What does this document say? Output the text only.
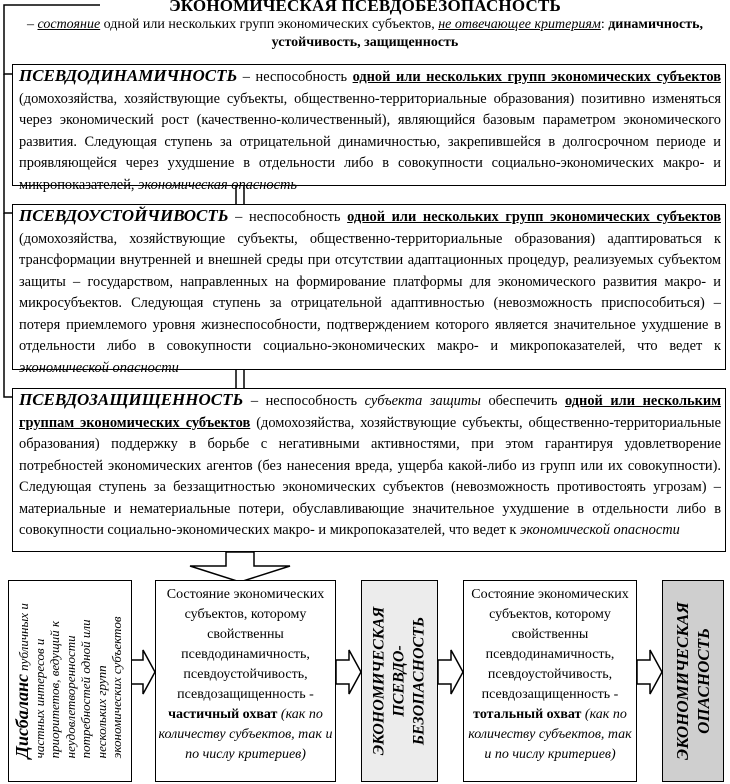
ЭКОНОМИЧЕСКАЯ ПСЕВДОБЕЗОПАСНОСТЬ
– состояние одной или нескольких групп экономических субъектов, не отвечающее критериям: динамичность, устойчивость, защищенность
ПСЕВДОДИНАМИЧНОСТЬ – неспособность одной или нескольких групп экономических субъектов (домохозяйства, хозяйствующие субъекты, общественно-территориальные образования) позитивно изменяться через экономический рост (качественно-количественный), являющийся базовым параметром экономического развития. Следующая ступень за отрицательной динамичностью, закрепившейся в долгосрочном периоде и проявляющейся через ухудшение в отдельности либо в совокупности социально-экономических макро- и микропоказателей, экономическая опасность
ПСЕВДОУСТОЙЧИВОСТЬ – неспособность одной или нескольких групп экономических субъектов (домохозяйства, хозяйствующие субъекты, общественно-территориальные образования) адаптироваться к трансформации внутренней и внешней среды при отсутствии адаптационных процедур, реализуемых субъектом защиты – государством, направленных на формирование платформы для экономического развития макро- и микросубъектов. Следующая ступень за отрицательной адаптивностью (невозможность приспособиться) – потеря приемлемого уровня жизнеспособности, подтверждением которого является значительное ухудшение в отдельности либо в совокупности социально-экономических макро- и микропоказателей, что ведет к экономической опасности
ПСЕВДОЗАЩИЩЕННОСТЬ – неспособность субъекта защиты обеспечить одной или нескольким группам экономических субъектов (домохозяйства, хозяйствующие субъекты, общественно-территориальные образования) поддержку в борьбе с негативными активностями, при этом гарантируя удовлетворение потребностей экономических агентов (без нанесения вреда, ущерба какой-либо из групп или их совокупности). Следующая ступень за беззащитностью экономических субъектов (невозможность противостоять угрозам) – материальные и нематериальные потери, обуславливающие значительное ухудшение в отдельности либо в совокупности социально-экономических макро- и микропоказателей, что ведет к экономической опасности
Дисбаланс публичных и
частных интересов и приоритетов, ведущий к неудовлетворенности потребностей одной или нескольких групп экономических субъектов
Состояние экономических субъектов, которому свойственны псевдодинамичность, псевдоустойчивость, псевдозащищенность - частичный охват (как по количеству субъектов, так и по числу критериев)	ЭКОНОМИЧЕСКАЯ ПСЕВДО- БЕЗОПАСНОСТЬ
Состояние экономических субъектов, которому свойственны псевдодинамичность, псевдоустойчивость, псевдозащищенность - тотальный охват (как по количеству субъектов, так и по числу критериев)	ЭКОНОМИЧЕСКАЯ ОПАСНОСТЬ
